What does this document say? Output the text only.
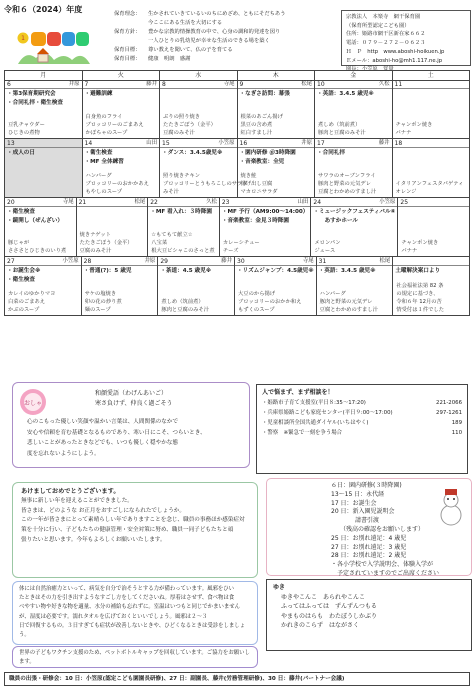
令和６（2024）年度
1
保育理念：	生かされていきているいのちにめざめ、ともにそだちあう
今ここにある生活を大切にする
保育方針：	豊かな宗教的情操教育の中で、心身の調和的発達を図り
一人ひとりの乳幼児が幸せな生活のできる場を築く
保育目標：	尊い教えを聞いて、仏の子を育てる
保育目標：	健康　明朗　感謝
宗教法人　本楽寺　網干保育園
（保育所型認定こども園）
住所：姫路市網干区新在家６６２
電話：０７９－２７２－０６２３
Ｈ　Ｐ　http　www.aboshi-hoikuen.jp
Ｅメール：aboshi-ho@mh1.117.ne.jp
園長：小笠原　覚量
月	火	水	木	金	土
6	井原
・第3保育期研究会
・合同礼拝・衛生検査
豆乳チャウダー
ひじきの煮物
7	藤井
・避難訓練
白身魚のフライ
ブロッコリーのごまあえ
かぼちゃのスープ
8	寺尾
ぶりの照り焼き
たたきごぼう（金平）
豆腐のみそ汁
9	松尾
・なぎさ訪問：幕張
根菜のあごん揚げ
黒豆の含め煮
紅白すまし汁
10	久松
・英語：3.4.5 歳児※
煮しめ（筑前煮）
豚肉と豆腐のみそ汁
11
チャンポン焼き
バナナ
13
・成人の日
14	山田
・衛生検査
・MF 全体練習
ハンバーグ
ブロッコリーのおかかあえ
もやしのスープ
15	小笠原
・ダンス：3.4.5歳児※
照り焼きチキン
ブロッコリーとうもろこしのサラダ
みそ汁
16	井原
・園内研修 ＠3時降園
・音楽教室：全児
焼き鮭
揚げ出し豆腐
マカロニサラダ
17	藤井
・合同礼拝
サワラのオーブンフライ
豚肉と野菜の元気デレ
豆腐とわかめのすまし汁
18
イタリアンフェスタパゲティ
オレンジ
20	寺尾
・衛生検査
・鏡開し（ぜんざい）
豚じゃが
さささとひじきのいり煮
21	松尾
焼きナゲット
たたきごぼう（金平）
豆腐のみそ汁
22	久松
・MF 看入れ：３時降園
☆もてもて献立☆
八宝菜
根大豆ビシャこのさっと煮
23	山田
・MF 予行（AM9:00～14:00）
・音楽教室：金見３時降園
カレーシチュー
チーズ
24	小笠原
・ミュージックフェスティバル④
　　あすかホール
メロンパン
ジュース
25
チャンポン焼き
バナナ
27	小笠原
・お誕生会※
・衛生検査
カレイのゆかりマヨ
白菜のごまあえ
かぶのスープ
28	井原
・普通(?)：5 歳児
サケの塩焼き
卯の花の炒り煮
麺のスープ
29	藤井
・茶道：4.5 歳児※
煮しめ（筑前煮）
豚肉と豆腐のみそ汁
30	寺尾
・リズムジャンプ：4.5歳児※
大豆のから揚げ
ブロッコリーのおかか和え
もずくのスープ
31	松尾
・英語：3.4.5 歳児※
ハンバーグ
豚肉と野菜の元気デレ
豆腐とわかめのすまし汁
土曜解決案口より
社会福祉法第 82 条
の規定に基づき、
令和６年 12月の苦
情受付は１件でした
おしゃ
和顔愛語（わげんあいご）
寒さ負けず、仲良く過ごそう
心のこもった優しい笑顔や温かい言葉は、人間関係のなかで
安心や信頼を育む基礎となるものであり、寒い日にこそ、つらいとき、
悲しいことがあったときなどでも、いつも優しく穏やかな態
度を忘れないようにしよう。
人で悩まず、まず相談を！
・姫路市子育て支援室(平日８:35～17:20)	221-2066
・兵庫県姫路こども家庭センター(平日９:00～17:00)	297-1261
・児童相談所全国共通ダイヤル(いちはやく)	189
・警察　※緊急で一刻を争う場合	110
あけましておめでとうございます。
無事に新しい年を迎えることができました。
皆さまは、どのような お正月をおすごしになられたでしょうか。
この一年が皆さまにとって素晴らしい年でありますことを念じ、職員の事務ほか感染症対
策を十分に行い、子どもたちの健康管理・安全対策に努め、職員一同子どもたちと頑
張りたいと思います。今年もよろしくお願いいたします。
６日：園内研修(３時降園)
13～15 日：永代経
17 日：お誕生会
20 日：新入園児説明会
　　　　請書引渡
　　（残高の確認をお願いします）
25 日：お別れ遠足：4 歳児
27 日：お別れ遠足：3 歳児
28 日：お別れ遠足：2 歳児
・各小学校で入学説明会、体験入学が
　予定されていますのでご出席ください
体には自然治癒力といって、病気を自分で治そうとする力が備わっています。風邪をひい
たときはその力を引き出すようなすごし方をしてくださいね。厚着はさせず、食べ物は食
べやすい物や好きな物を適量、水分の補給も忘れずに。室温はいつもと同じでかまいません
が、湿度は必要です。濡れタオルを広げておくといいでしょう。風邪は２～３
日で回復するもの。３日すぎても症状が改善しないときや、ひどくなるときは受診をしましょう。
ゆき
ゆきやこんこ　あられやこんこ
ふってはふっては　ずんずんつもる
やまものはらも　わたぼうしかぶり
かれきのこらず　はながさく
世界の子どもワクチン支援のため、ペットボトルキャップを回収しています。ご協力をお願いします。
職員の出張・研修会：10 日：小笠原(認定こども園園長研修)、27 日：副園長、藤井(労務管理研修)、30 日：藤井(パートナー会議)
